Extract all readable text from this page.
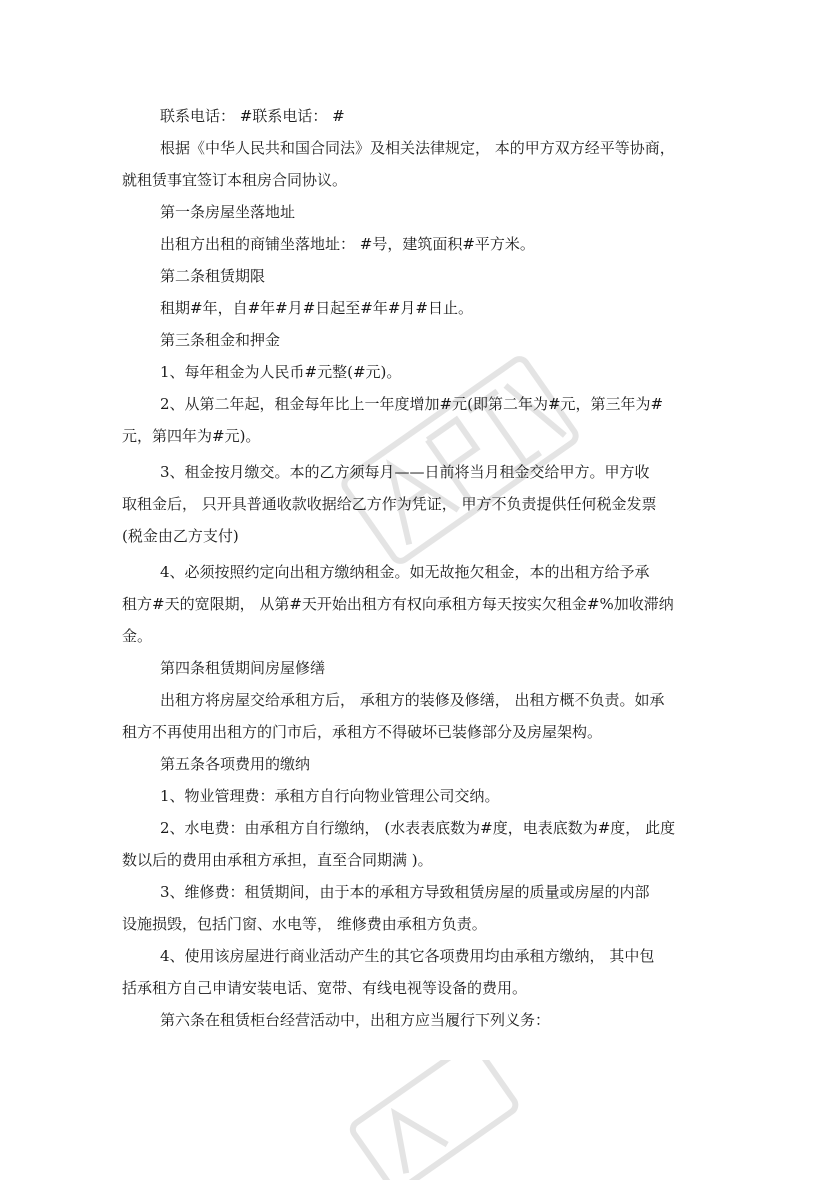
联系电话： #联系电话： #

根据《中华人民共和国合同法》及相关法律规定， 本的甲方双方经平等协商，

就租赁事宜签订本租房合同协议。

第一条房屋坐落地址

出租方出租的商铺坐落地址： #号，建筑面积#平方米。

第二条租赁期限

租期#年，自#年#月#日起至#年#月#日止。

第三条租金和押金

1、每年租金为人民币#元整(#元)。

2、从第二年起，租金每年比上一年度增加#元(即第二年为#元，第三年为#

元，第四年为#元)。

3、租金按月缴交。本的乙方须每月——日前将当月租金交给甲方。甲方收

取租金后， 只开具普通收款收据给乙方作为凭证， 甲方不负责提供任何税金发票

(税金由乙方支付)

4、必须按照约定向出租方缴纳租金。如无故拖欠租金，本的出租方给予承

租方#天的宽限期， 从第#天开始出租方有权向承租方每天按实欠租金#%加收滞纳

金。

第四条租赁期间房屋修缮

出租方将房屋交给承租方后， 承租方的装修及修缮， 出租方概不负责。如承

租方不再使用出租方的门市后，承租方不得破坏已装修部分及房屋架构。

第五条各项费用的缴纳

1、物业管理费：承租方自行向物业管理公司交纳。

2、水电费：由承租方自行缴纳， (水表表底数为#度，电表底数为#度， 此度

数以后的费用由承租方承担，直至合同期满 )。

3、维修费：租赁期间，由于本的承租方导致租赁房屋的质量或房屋的内部

设施损毁，包括门窗、水电等， 维修费由承租方负责。

4、使用该房屋进行商业活动产生的其它各项费用均由承租方缴纳， 其中包

括承租方自己申请安装电话、宽带、有线电视等设备的费用。

第六条在租赁柜台经营活动中，出租方应当履行下列义务：
